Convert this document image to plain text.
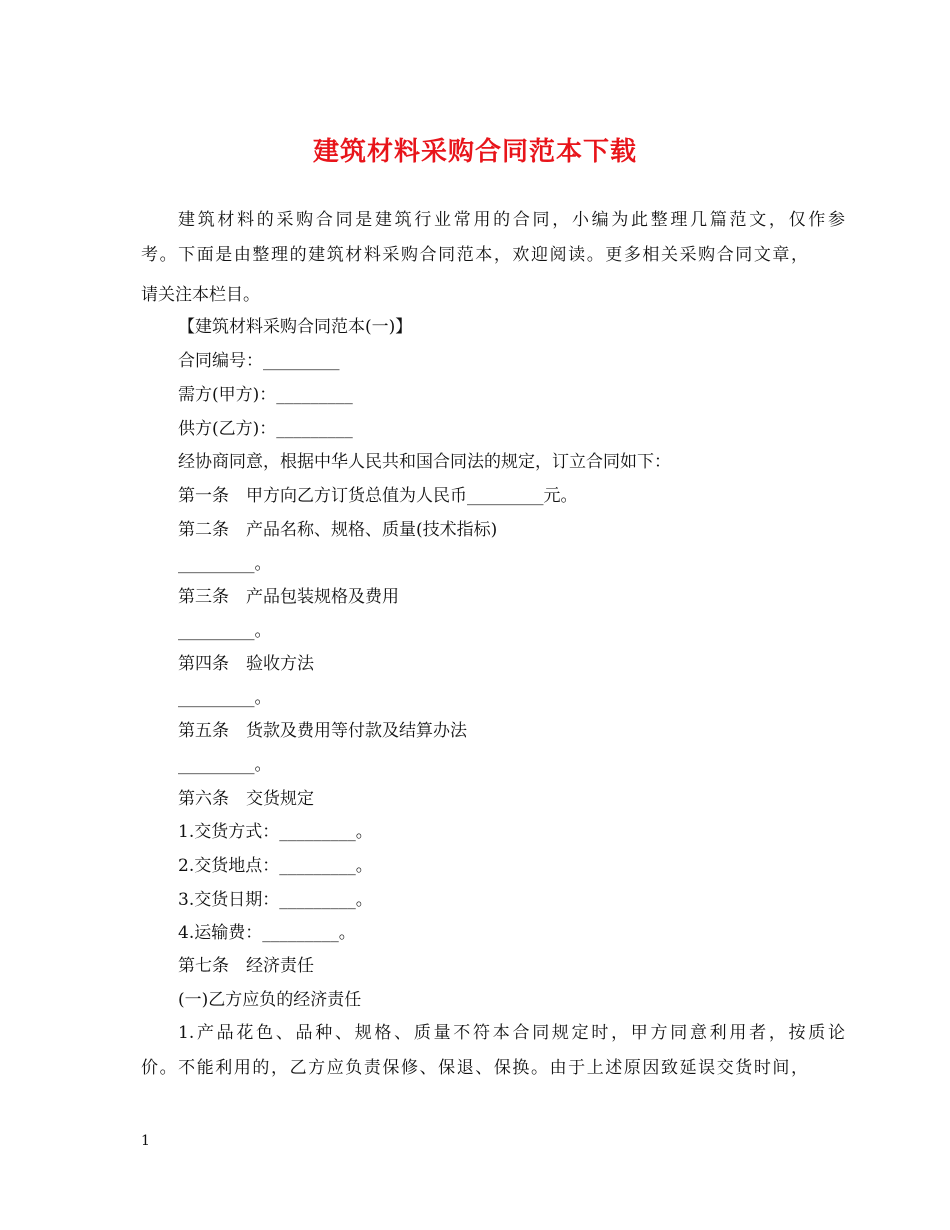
建筑材料采购合同范本下载
建筑材料的采购合同是建筑行业常用的合同，小编为此整理几篇范文，仅作参
考。下面是由整理的建筑材料采购合同范本，欢迎阅读。更多相关采购合同文章，
请关注本栏目。
【建筑材料采购合同范本(一)】
合同编号：_________
需方(甲方)：_________
供方(乙方)：_________
经协商同意，根据中华人民共和国合同法的规定，订立合同如下：
第一条　甲方向乙方订货总值为人民币_________元。
第二条　产品名称、规格、质量(技术指标)
_________。
第三条　产品包装规格及费用
_________。
第四条　验收方法
_________。
第五条　货款及费用等付款及结算办法
_________。
第六条　交货规定
1.交货方式：_________。
2.交货地点：_________。
3.交货日期：_________。
4.运输费：_________。
第七条　经济责任
(一)乙方应负的经济责任
1.产品花色、品种、规格、质量不符本合同规定时，甲方同意利用者，按质论
价。不能利用的，乙方应负责保修、保退、保换。由于上述原因致延误交货时间，
1
